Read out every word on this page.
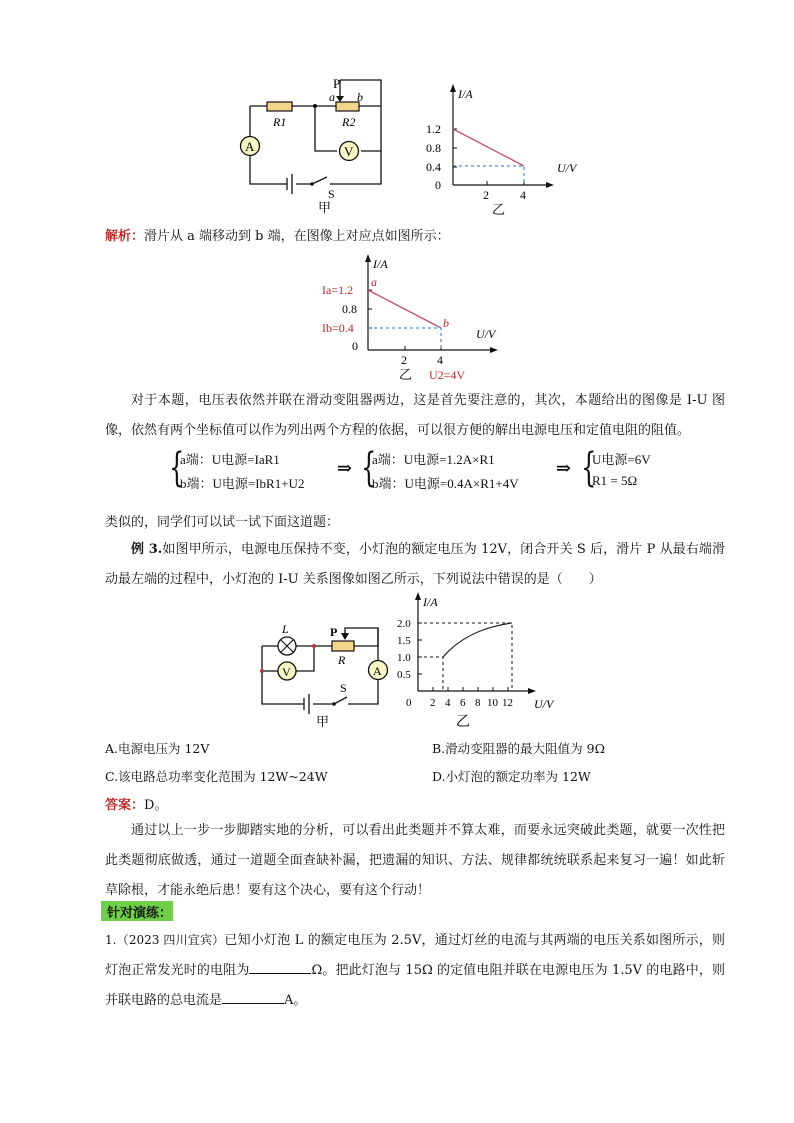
A	V
P
a b
R1	R2
S
甲
I/A
U/V
1.2
0.8
0.4
0
2	4
乙
解析：滑片从 a 端移动到 b 端，在图像上对应点如图所示：
I/A
U/V
Ia=1.2
0.8
Ib=0.4
0
a
b
2	4
乙 U2=4V
对于本题，电压表依然并联在滑动变阻器两边，这是首先要注意的，其次，本题给出的图像是 I-U 图像，依然有两个坐标值可以作为列出两个方程的依据，可以很方便的解出电源电压和定值电阻的阻值。
{
a端：U电源=IaR1
b端：U电源=IbR1+U2
⇒ {
a端：U电源=1.2A×R1
b端：U电源=0.4A×R1+4V
⇒ {
U电源=6V
R1 = 5Ω
类似的，同学们可以试一试下面这道题：
例 3.如图甲所示，电源电压保持不变，小灯泡的额定电压为 12V，闭合开关 S 后，滑片 P 从最右端滑动最左端的过程中，小灯泡的 I-U 关系图像如图乙所示，下列说法中错误的是（　　）
L
V
P
R
A
S
甲
I/A
U/V
2.0
1.5
1.0
0.5
0 2 4 6 8 10 12
乙
A.电源电压为 12V	B.滑动变阻器的最大阻值为 9Ω
C.该电路总功率变化范围为 12W~24W	D.小灯泡的额定功率为 12W
答案：D。
通过以上一步一步脚踏实地的分析，可以看出此类题并不算太难，而要永远突破此类题，就要一次性把此类题彻底做透，通过一道题全面查缺补漏，把遗漏的知识、方法、规律都统统联系起来复习一遍！如此斩草除根，才能永绝后患！要有这个决心，要有这个行动！
针对演练：
1.（2023 四川宜宾）已知小灯泡 L 的额定电压为 2.5V，通过灯丝的电流与其两端的电压关系如图所示，则灯泡正常发光时的电阻为	Ω。把此灯泡与 15Ω 的定值电阻并联在电源电压为 1.5V 的电路中，则并联电路的总电流是	A。
